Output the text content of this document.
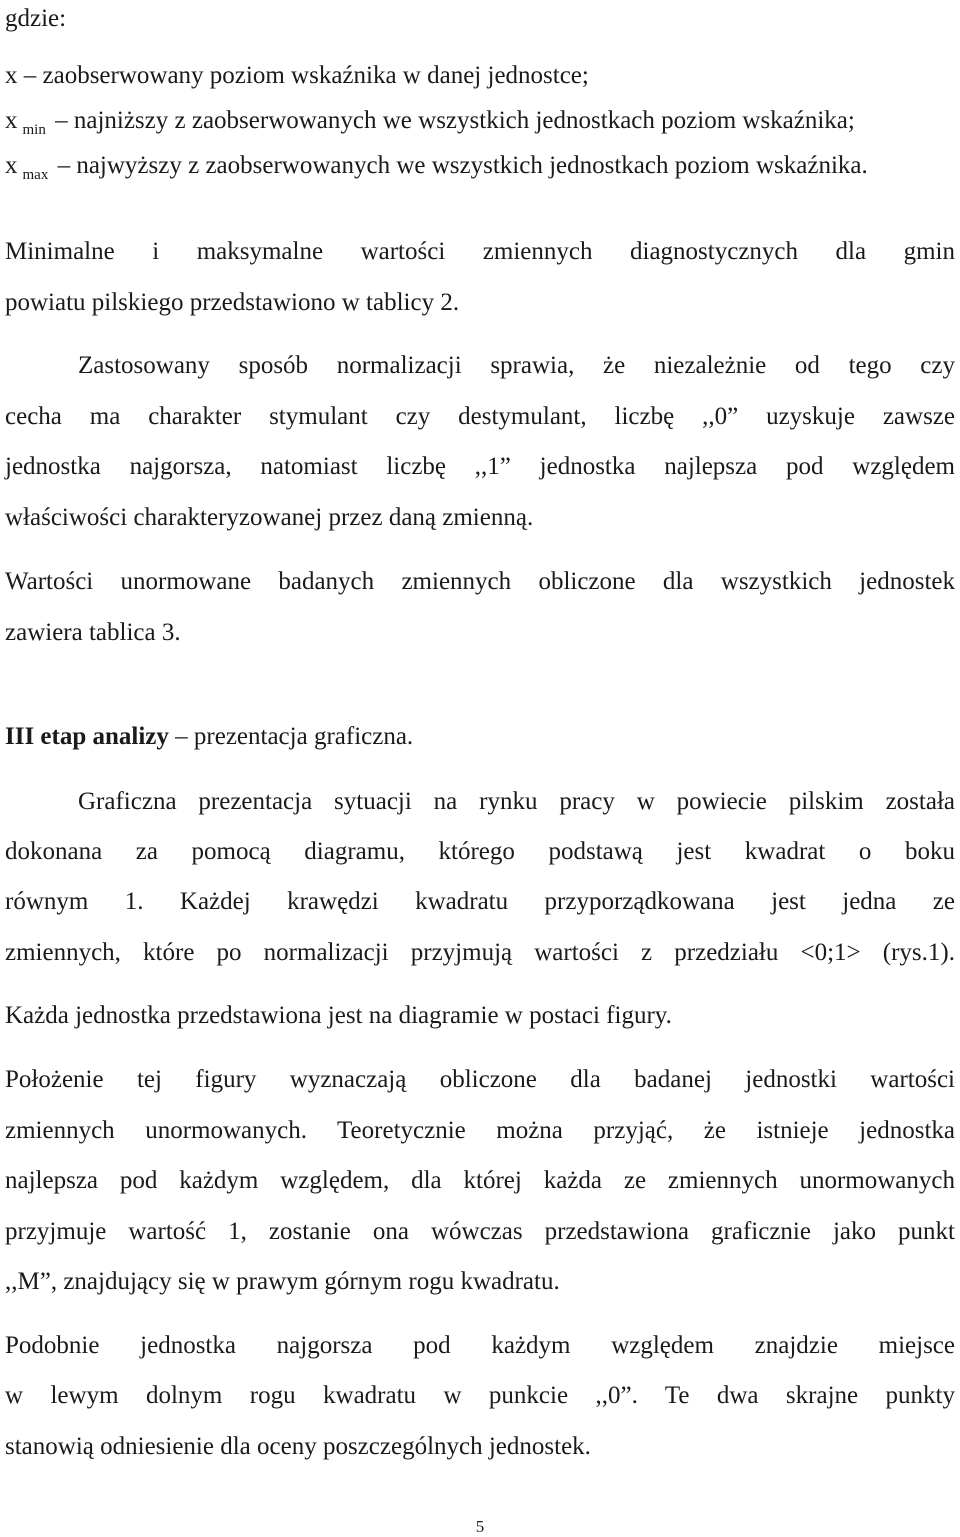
gdzie:
x – zaobserwowany poziom wskaźnika w danej jednostce;
x $_{min}$ – najniższy z zaobserwowanych we wszystkich jednostkach poziom wskaźnika;
x $_{max}$ – najwyższy z zaobserwowanych we wszystkich jednostkach poziom wskaźnika.
Minimalne i maksymalne wartości zmiennych diagnostycznych dla gmin
powiatu pilskiego przedstawiono w tablicy 2.
Zastosowany sposób normalizacji sprawia, że niezależnie od tego czy
cecha ma charakter stymulant czy destymulant, liczbę ,,0” uzyskuje zawsze
jednostka najgorsza, natomiast liczbę ,,1” jednostka najlepsza pod względem
właściwości charakteryzowanej przez daną zmienną.
Wartości unormowane badanych zmiennych obliczone dla wszystkich jednostek
zawiera tablica 3.
III etap analizy – prezentacja graficzna.
Graficzna prezentacja sytuacji na rynku pracy w powiecie pilskim została
dokonana za pomocą diagramu, którego podstawą jest kwadrat o boku
równym 1. Każdej krawędzi kwadratu przyporządkowana jest jedna ze
zmiennych, które po normalizacji przyjmują wartości z przedziału <0;1> (rys.1).
Każda jednostka przedstawiona jest na diagramie w postaci figury.
Położenie tej figury wyznaczają obliczone dla badanej jednostki wartości
zmiennych unormowanych. Teoretycznie można przyjąć, że istnieje jednostka
najlepsza pod każdym względem, dla której każda ze zmiennych unormowanych
przyjmuje wartość 1, zostanie ona wówczas przedstawiona graficznie jako punkt
,,M”, znajdujący się w prawym górnym rogu kwadratu.
Podobnie jednostka najgorsza pod każdym względem znajdzie miejsce
w lewym dolnym rogu kwadratu w punkcie ,,0”. Te dwa skrajne punkty
stanowią odniesienie dla oceny poszczególnych jednostek.
5
